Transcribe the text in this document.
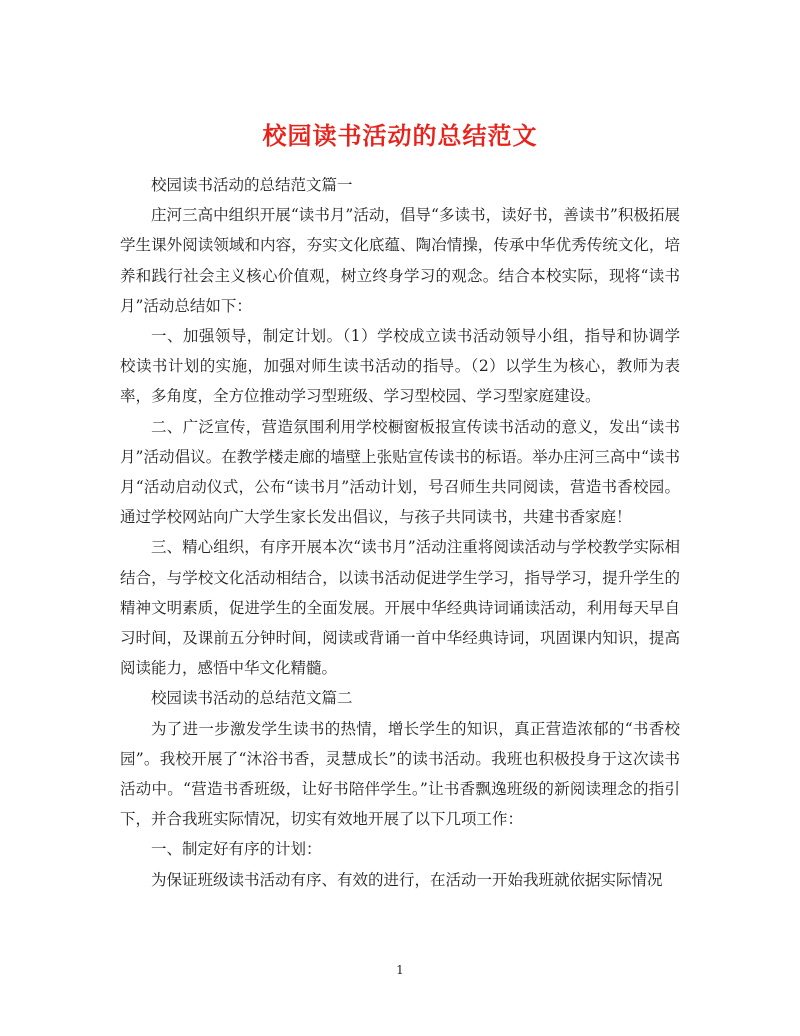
校园读书活动的总结范文

校园读书活动的总结范文篇一

庄河三高中组织开展“读书月”活动，倡导“多读书，读好书，善读书”积极拓展学生课外阅读领域和内容，夯实文化底蕴、陶冶情操，传承中华优秀传统文化，培养和践行社会主义核心价值观，树立终身学习的观念。结合本校实际，现将“读书月”活动总结如下：

一、加强领导，制定计划。（1）学校成立读书活动领导小组，指导和协调学校读书计划的实施，加强对师生读书活动的指导。（2）以学生为核心，教师为表率，多角度，全方位推动学习型班级、学习型校园、学习型家庭建设。

二、广泛宣传，营造氛围利用学校橱窗板报宣传读书活动的意义，发出“读书月”活动倡议。在教学楼走廊的墙壁上张贴宣传读书的标语。举办庄河三高中“读书月“活动启动仪式，公布“读书月”活动计划，号召师生共同阅读，营造书香校园。通过学校网站向广大学生家长发出倡议，与孩子共同读书，共建书香家庭！

三、精心组织，有序开展本次“读书月”活动注重将阅读活动与学校教学实际相结合，与学校文化活动相结合，以读书活动促进学生学习，指导学习，提升学生的精神文明素质，促进学生的全面发展。开展中华经典诗词诵读活动，利用每天早自习时间，及课前五分钟时间，阅读或背诵一首中华经典诗词，巩固课内知识，提高阅读能力，感悟中华文化精髓。

校园读书活动的总结范文篇二

为了进一步激发学生读书的热情，增长学生的知识，真正营造浓郁的“书香校园”。我校开展了“沐浴书香，灵慧成长”的读书活动。我班也积极投身于这次读书活动中。“营造书香班级，让好书陪伴学生。”让书香飘逸班级的新阅读理念的指引下，并合我班实际情况，切实有效地开展了以下几项工作：

一、制定好有序的计划：

为保证班级读书活动有序、有效的进行，在活动一开始我班就依据实际情况

1
